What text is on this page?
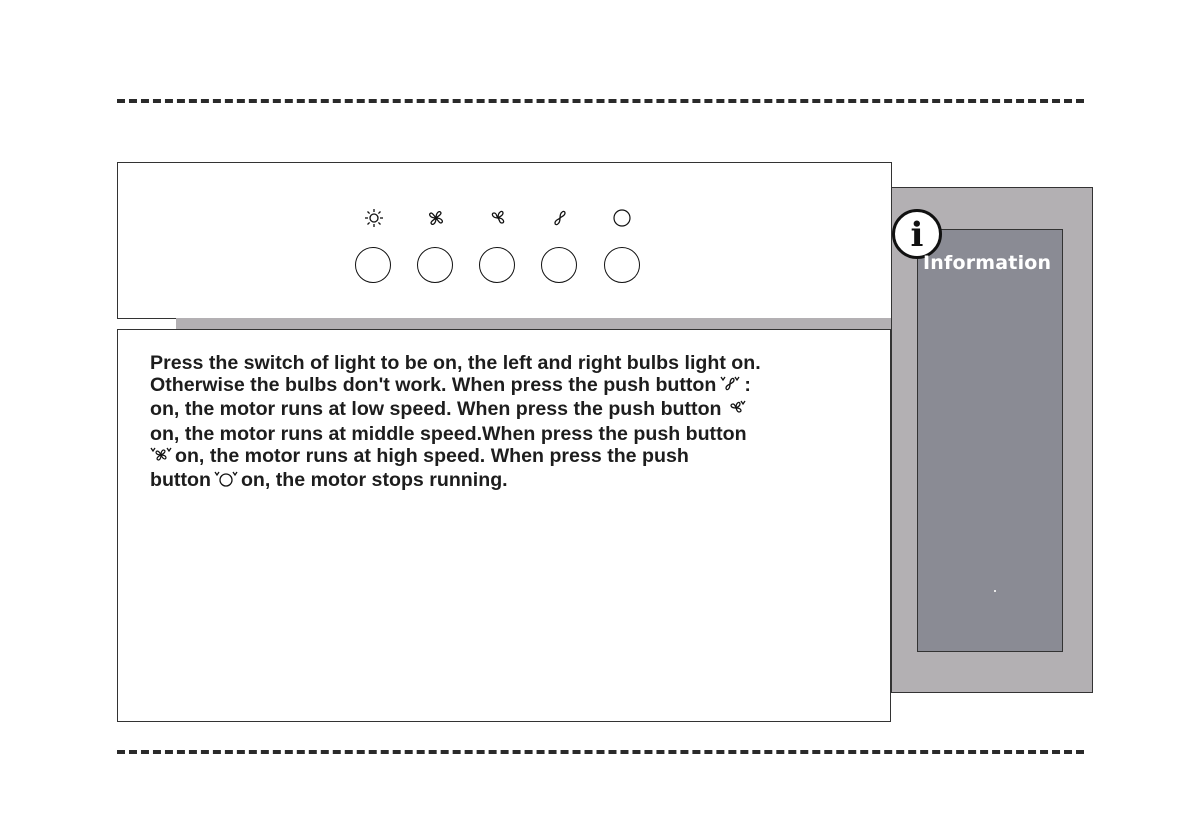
Press the switch of light to be on, the left and right bulbs light on.
Otherwise the bulbs don't work. When press the push button :
on, the motor runs at low speed. When press the push button
on, the motor runs at middle speed.When press the push button
on, the motor runs at high speed. When press the push
button on, the motor stops running.

i
Information
